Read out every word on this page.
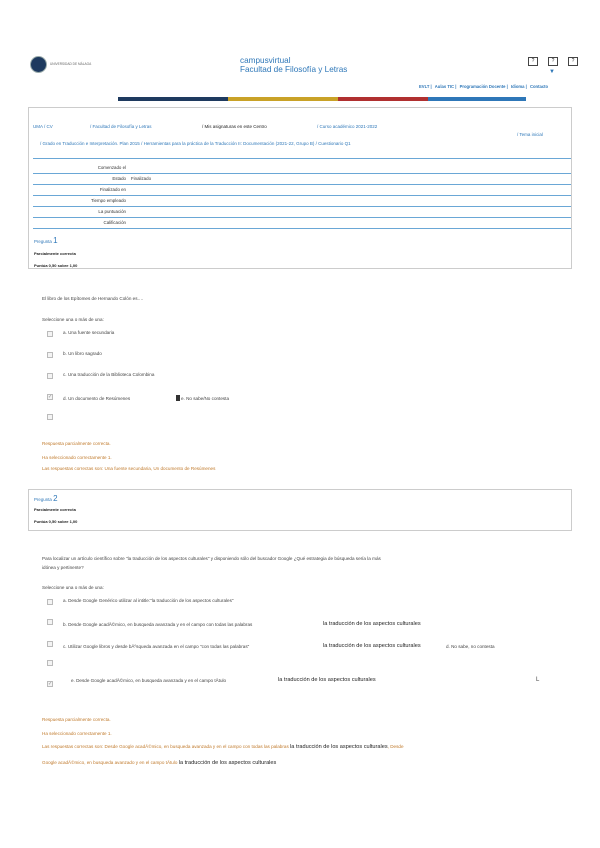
UNIVERSIDAD DE MÁLAGA	campusvirtual
Facultad de Filosofía y Letras
?	?	?
▼
EVLT | Aulas TIC | Programación Docente | Idioma | Contacto
UMA / CV	/ Facultad de Filosofía y Letras	/ Mis asignaturas en este Centro	/ Curso académico 2021-2022
/ Tema inicial
/ Grado en Traducción e Interpretación. Plan 2015 / Herramientas para la práctica de la Traducción II: Documentación (2021-22, Grupo B) / Cuestionario Q1
Comenzado el
Estado Finalizado
Finalizado en
Tiempo empleado
La puntuación
Calificación
Pregunta 1
Parcialmente correcta
Puntúa 0,50 sobre 1,00
El libro de los Epítomes de Hernando Colón es….
Seleccione una o más de una:
a. Una fuente secundaria
b. Un libro sagrado
c. Una traducción de la Biblioteca Colombina
✓ d. Un documento de Resúmenes	e. No sabe/No contesta
Respuesta parcialmente correcta.
Ha seleccionado correctamente 1.
Las respuestas correctas son: Una fuente secundaria, Un documento de Resúmenes
Pregunta 2
Parcialmente correcta
Puntúa 0,50 sobre 1,00
Para localizar un artículo científico sobre "la traducción de los aspectos culturales" y disponiendo sólo del buscador Google ¿Qué estrategia de búsqueda sería la más
idónea y pertinente?
Seleccione una o más de una:
a. Desde Google Genérico utilizar al intitle:"la traducción de los aspectos culturales"
b. Desde Google acadÃ©mico, en busqueda avanzada y en el campo con todas las palabras	la traducción de los aspectos culturales
c. Utilizar Google libros y desde bÃºsqueda avanzada en el campo "con todas las palabras"	la traducción de los aspectos culturales	d. No sabe, no contesta
✓
e. Desde Google acadÃ©mico, en busqueda avanzada y en el campo tÃtulo	la traducción de los aspectos culturales	L
Respuesta parcialmente correcta.
Ha seleccionado correctamente 1.
Las respuestas correctas son: Desde Google acadÃ©mico, en busqueda avanzada y en el campo con todas las palabras la traducción de los aspectos culturales, Desde
Google acadÃ©mico, en busqueda avanzado y en el campo tÃtulo la traducción de los aspectos culturales
